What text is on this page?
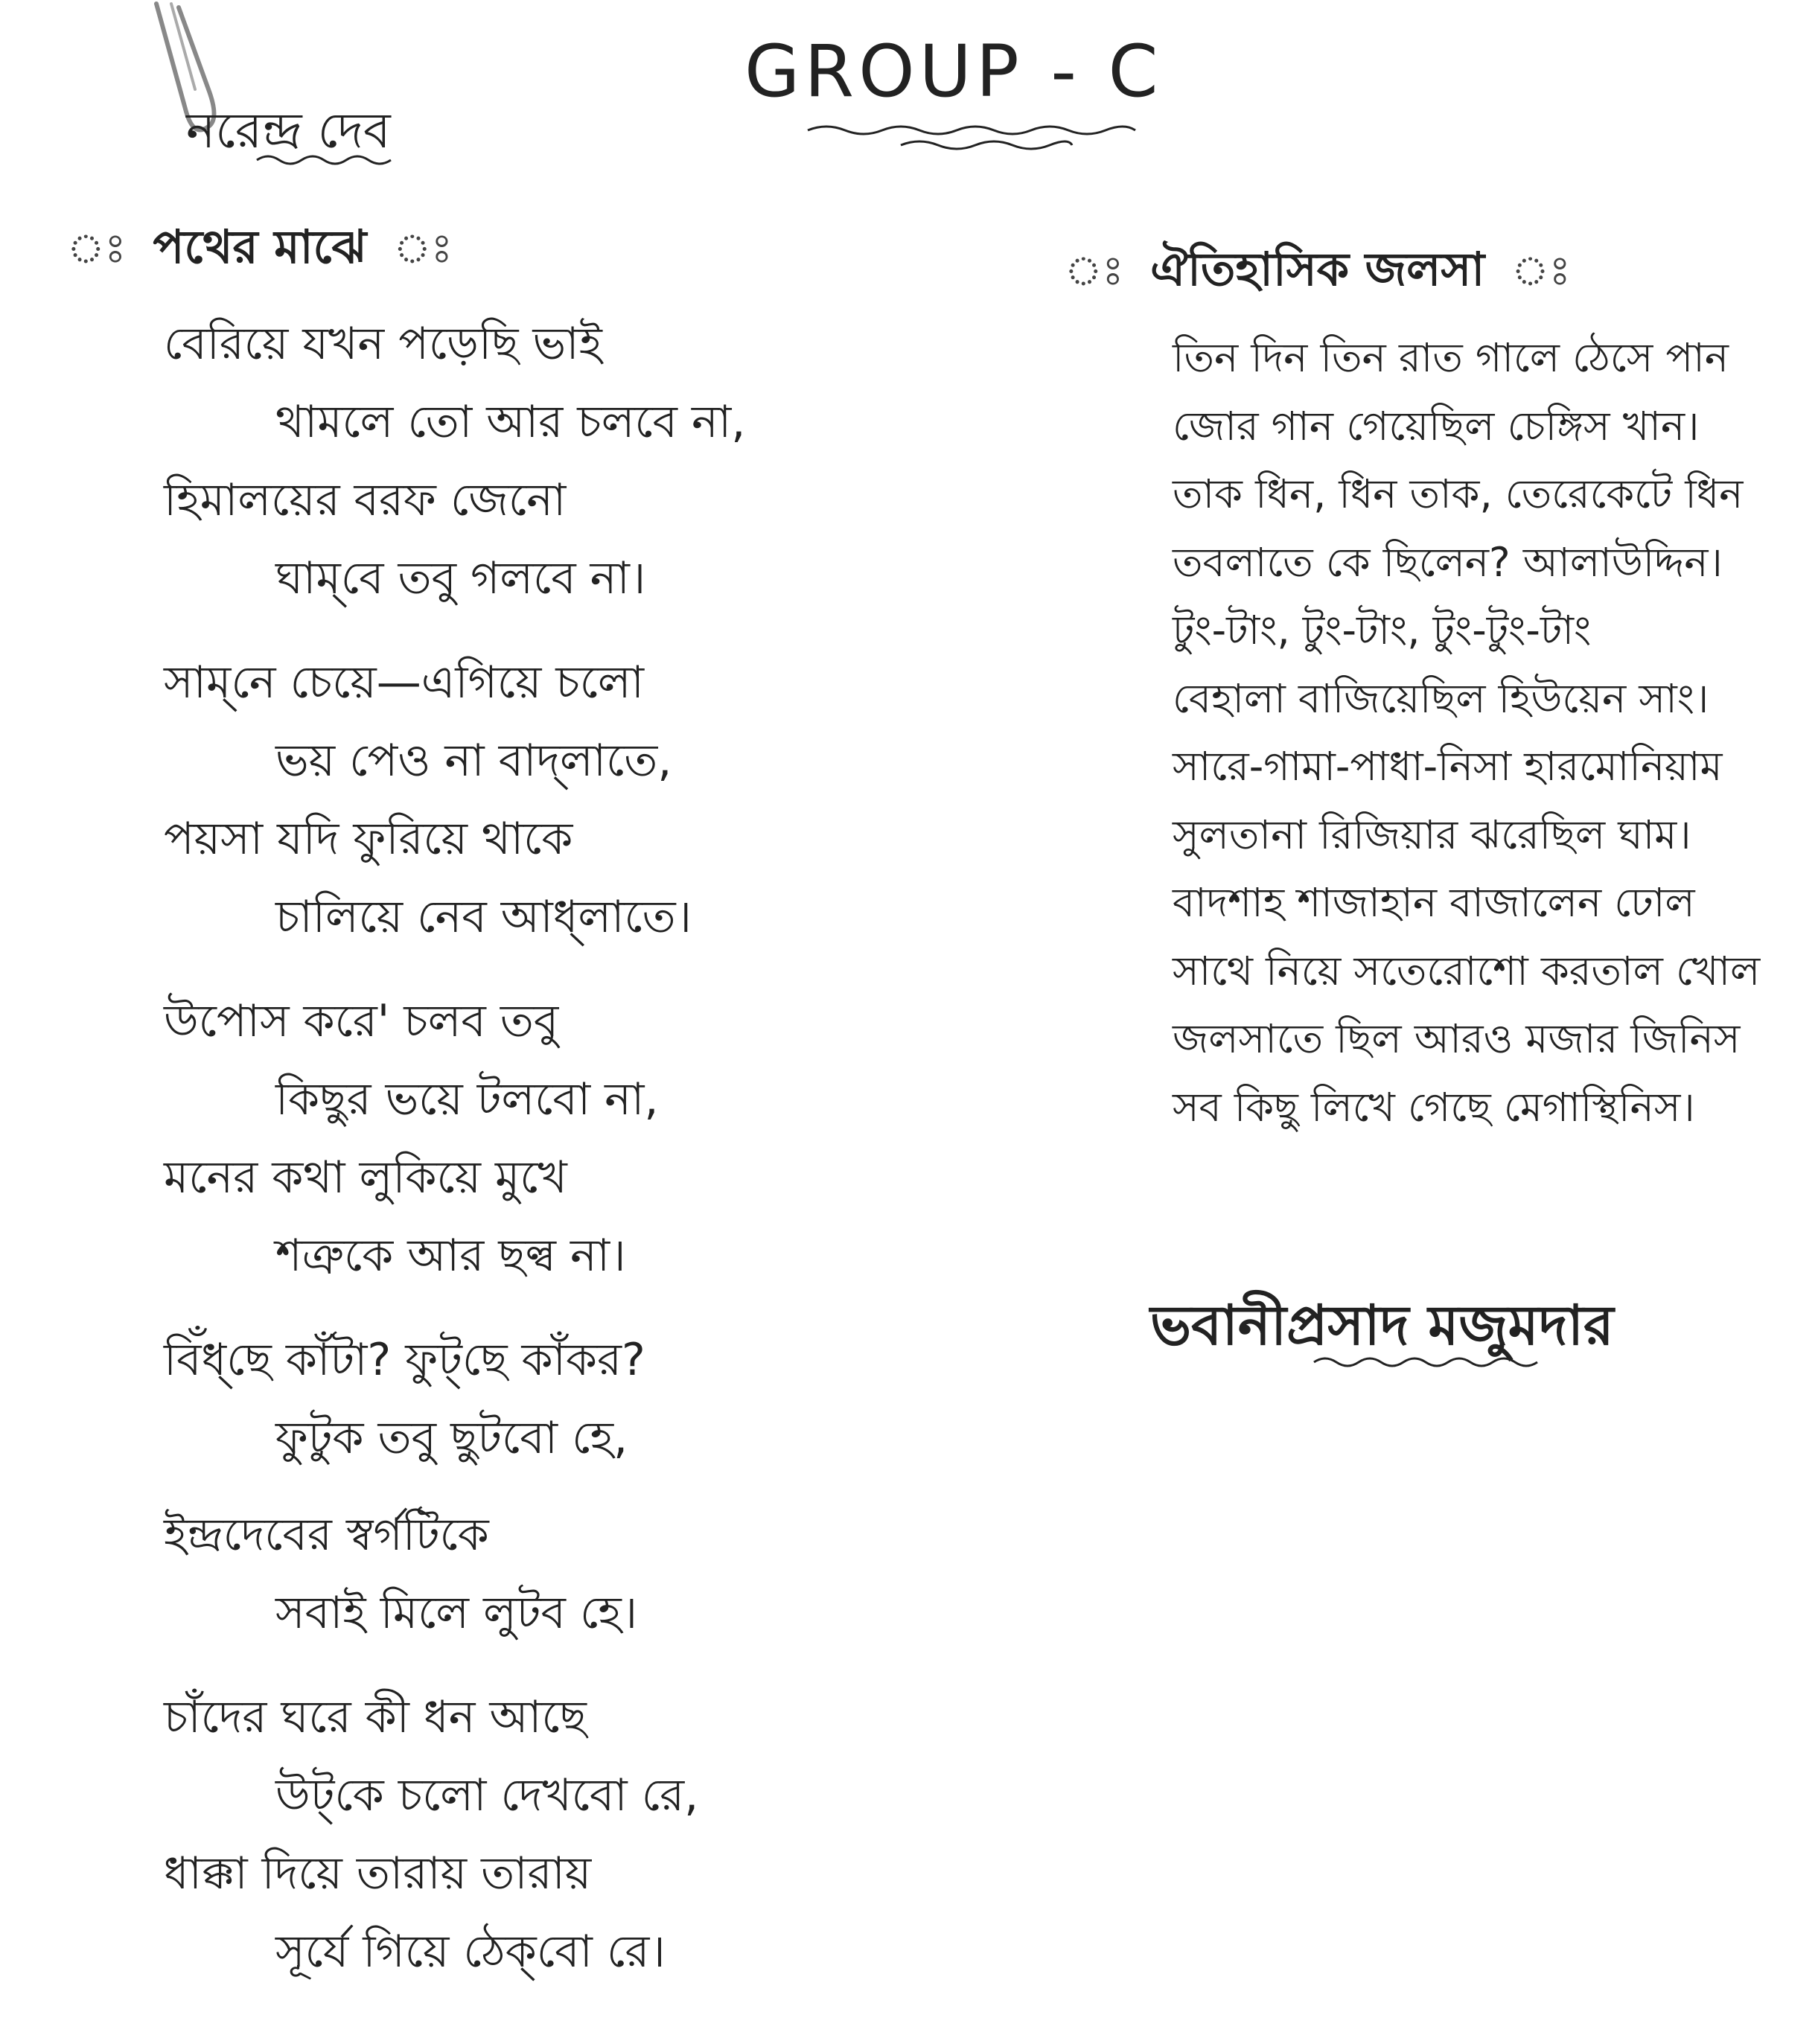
GROUP - C
নরেন্দ্র দেব
ঃ পথের মাঝে ঃ
বেরিয়ে যখন পড়েছি ভাই
থামলে তো আর চলবে না,
হিমালয়ের বরফ জেনো
ঘাম্‌বে তবু গলবে না।
সাম্‌নে চেয়ে—এগিয়ে চলো
ভয় পেও না বাদ্‌লাতে,
পয়সা যদি ফুরিয়ে থাকে
চালিয়ে নেব আধ্‌লাতে।
উপোস করে' চলব তবু
কিছুর ভয়ে টলবো না,
মনের কথা লুকিয়ে মুখে
শত্রুকে আর ছল্ব না।
বিঁধ্‌ছে কাঁটা? ফুট্‌ছে কাঁকর?
ফুটুক তবু ছুটবো হে,
ইন্দ্রদেবের স্বর্গটিকে
সবাই মিলে লুটব হে।
চাঁদের ঘরে কী ধন আছে
উট্‌কে চলো দেখবো রে,
ধাক্কা দিয়ে তারায় তারায়
সূর্যে গিয়ে ঠেক্‌বো রে।
ঃ ঐতিহাসিক জলসা ঃ
তিন দিন তিন রাত গালে ঠেসে পান
জোর গান গেয়েছিল চেঙ্গিস খান।
তাক ধিন, ধিন তাক, তেরেকেটে ধিন
তবলাতে কে ছিলেন? আলাউদ্দিন।
টুং-টাং, টুং-টাং, টুং-টুং-টাং
বেহালা বাজিয়েছিল হিউয়েন সাং।
সারে-গামা-পাধা-নিসা হারমোনিয়াম
সুলতানা রিজিয়ার ঝরেছিল ঘাম।
বাদশাহ শাজাহান বাজালেন ঢোল
সাথে নিয়ে সতেরোশো করতাল খোল
জলসাতে ছিল আরও মজার জিনিস
সব কিছু লিখে গেছে মেগাস্থিনিস।
ভবানীপ্রসাদ মজুমদার
